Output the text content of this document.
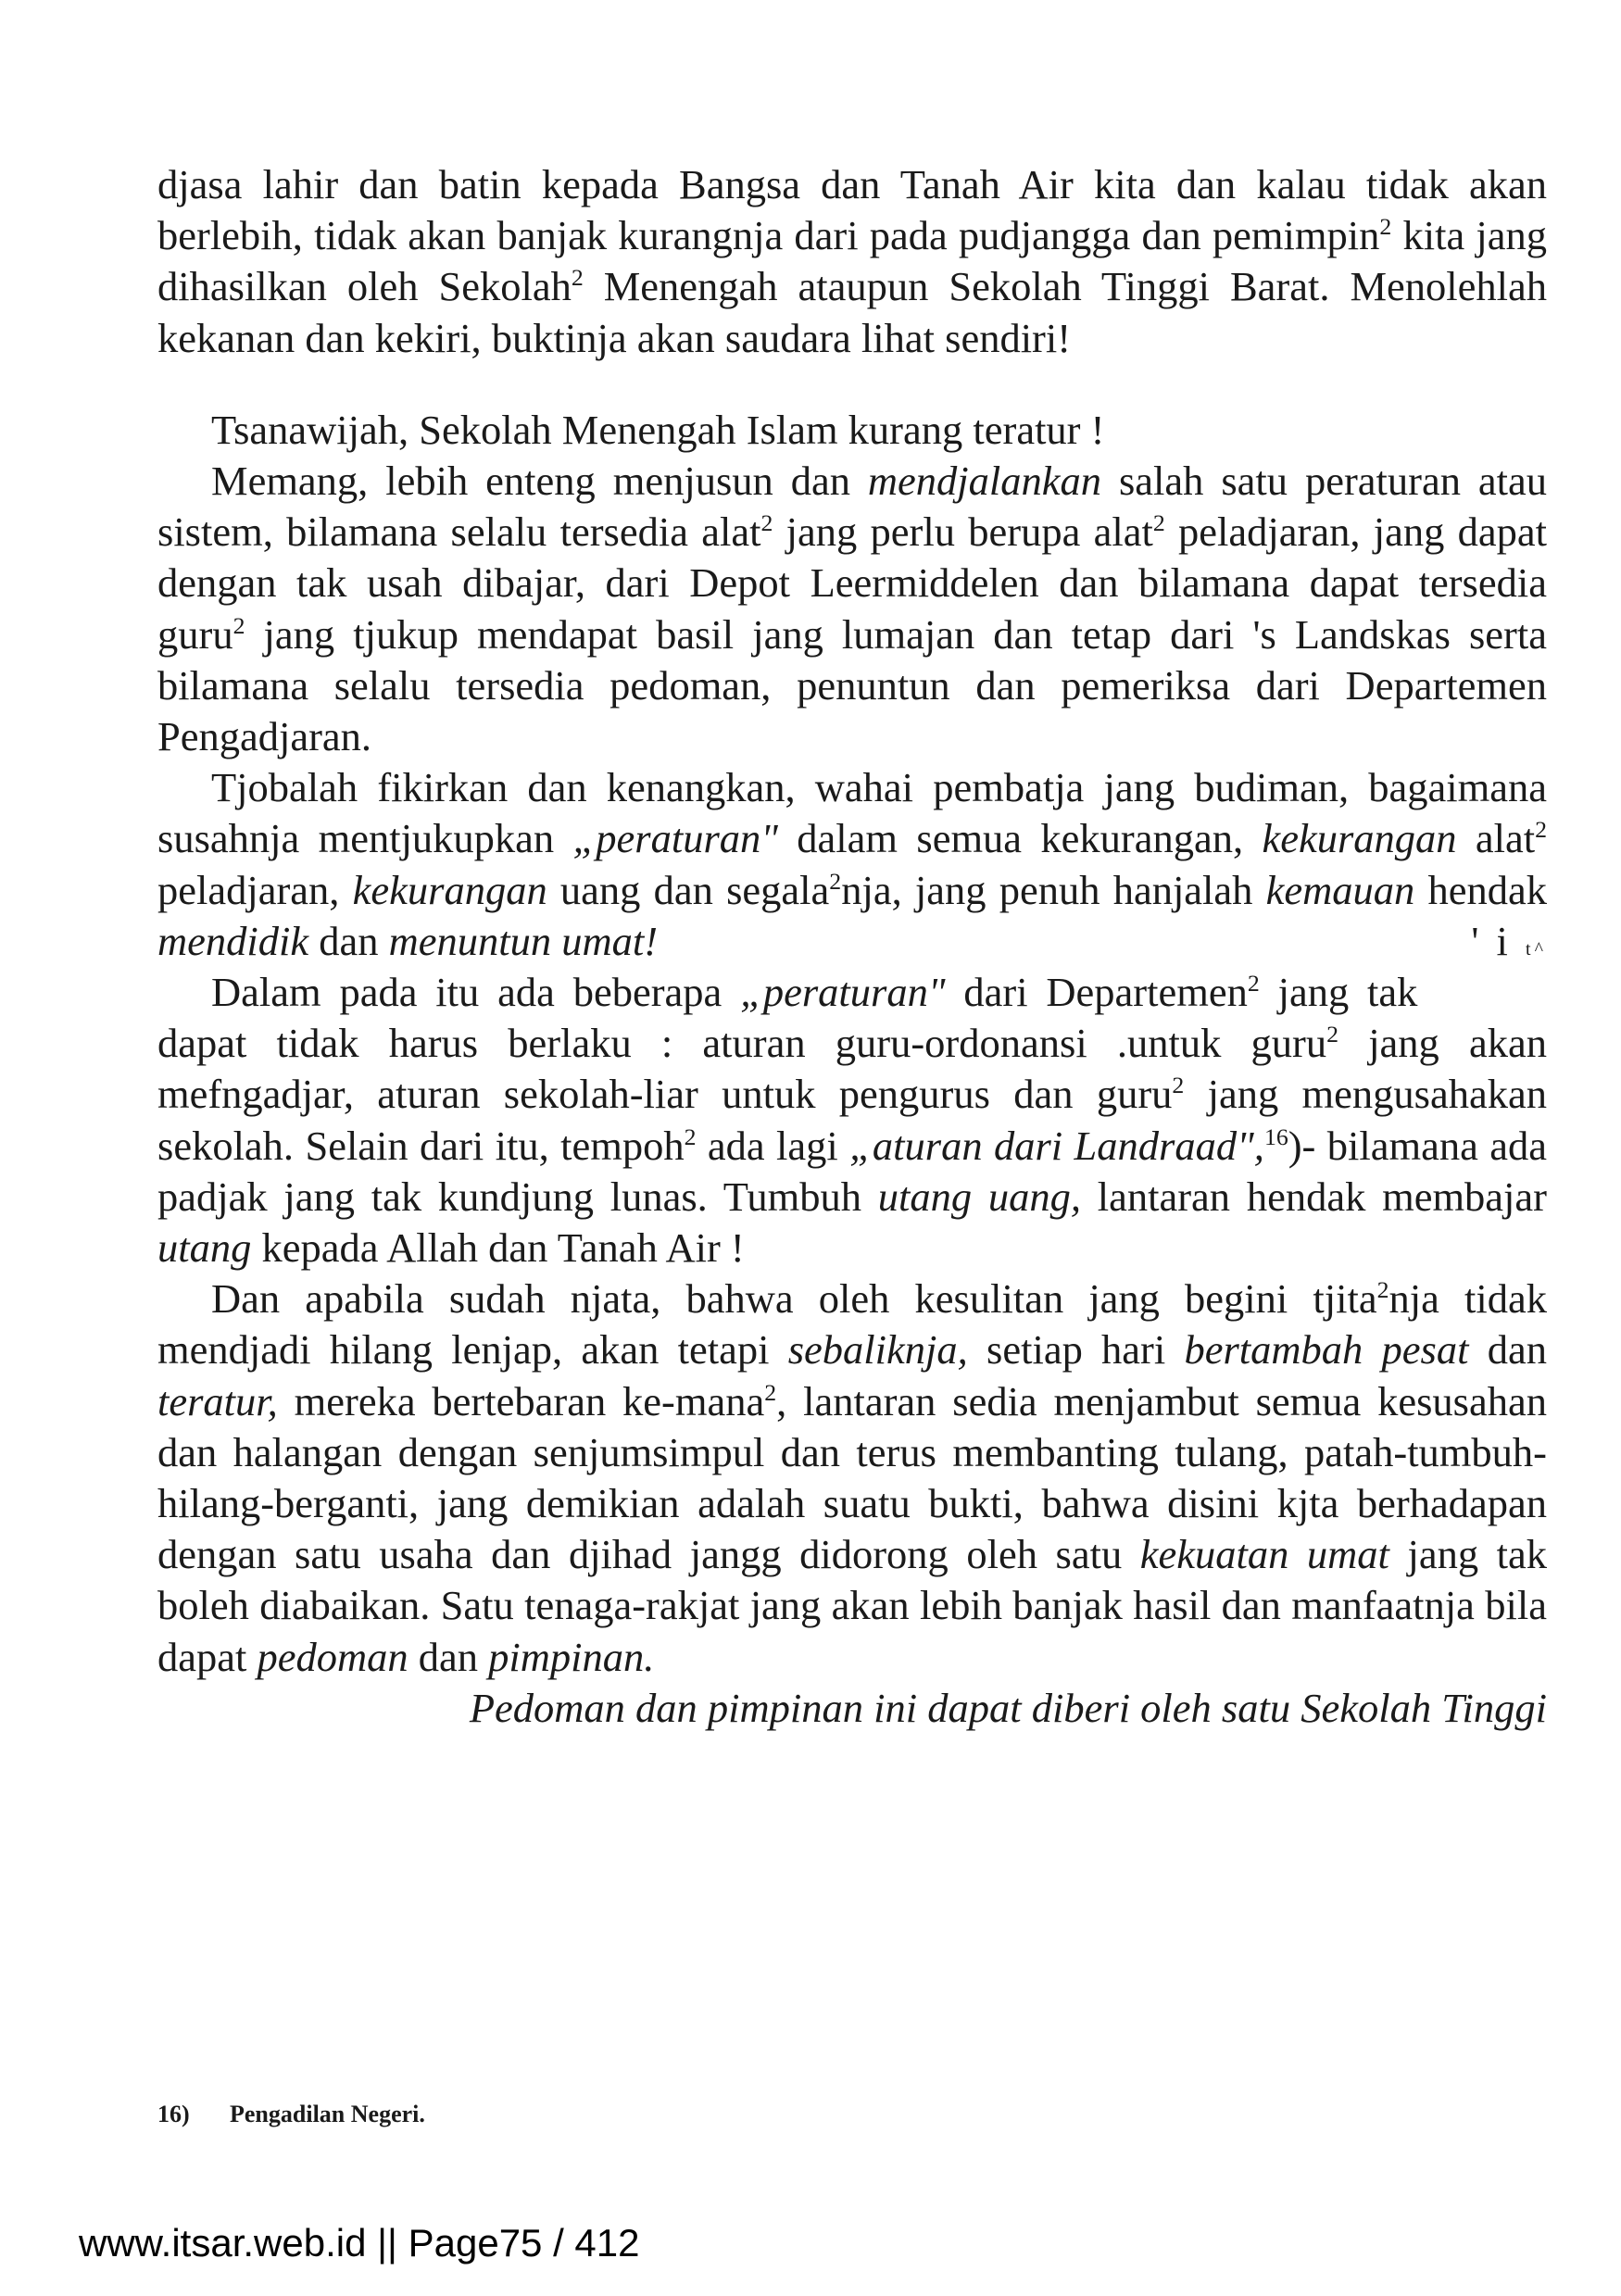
djasa lahir dan batin kepada Bangsa dan Tanah Air kita dan kalau tidak akan berlebih, tidak akan banjak kurangnja dari pada pudjangga dan pemimpin$^2$ kita jang dihasilkan oleh Sekolah$^2$ Menengah ataupun Sekolah Tinggi Barat. Menolehlah kekanan dan kekiri, buktinja akan saudara lihat sendiri!

Tsanawijah, Sekolah Menengah Islam kurang teratur !

Memang, lebih enteng menjusun dan mendjalankan salah satu peraturan atau sistem, bilamana selalu tersedia alat$^2$ jang perlu berupa alat$^2$ peladjaran, jang dapat dengan tak usah dibajar, dari Depot Leermiddelen dan bilamana dapat tersedia guru$^2$ jang tjukup mendapat basil jang lumajan dan tetap dari 's Landskas serta bilamana selalu tersedia pedoman, penuntun dan pemeriksa dari Departemen Pengadjaran.

Tjobalah fikirkan dan kenangkan, wahai pembatja jang budiman, bagaimana susahnja mentjukupkan „peraturan" dalam semua kekurangan, kekurangan alat$^2$ peladjaran, kekurangan uang dan segala$^2$nja, jang penuh hanjalah kemauan hendak mendidik dan menuntun umat!	' i t^

Dalam pada itu ada beberapa „peraturan" dari Departemen$^2$ jang tak dapat tidak harus berlaku : aturan guru-ordonansi .untuk guru$^2$ jang akan mefngadjar, aturan sekolah-liar untuk pengurus dan guru$^2$ jang mengusahakan sekolah. Selain dari itu, tempoh$^2$ ada lagi „aturan dari Landraad",$^{16}$)- bilamana ada padjak jang tak kundjung lunas. Tumbuh utang uang, lantaran hendak membajar utang kepada Allah dan Tanah Air !

Dan apabila sudah njata, bahwa oleh kesulitan jang begini tjita$^2$nja tidak mendjadi hilang lenjap, akan tetapi sebaliknja, setiap hari bertambah pesat dan teratur, mereka bertebaran ke-mana$^2$, lantaran sedia menjambut semua kesusahan dan halangan dengan senjumsimpul dan terus membanting tulang, patah-tumbuh-hilang-berganti, jang demikian adalah suatu bukti, bahwa disini kjta berhadapan dengan satu usaha dan djihad jangg didorong oleh satu kekuatan umat jang tak boleh diabaikan. Satu tenaga-rakjat jang akan lebih banjak hasil dan manfaatnja bila dapat pedoman dan pimpinan.

Pedoman dan pimpinan ini dapat diberi oleh satu Sekolah Tinggi

16) Pengadilan Negeri.
www.itsar.web.id || Page75 / 412
